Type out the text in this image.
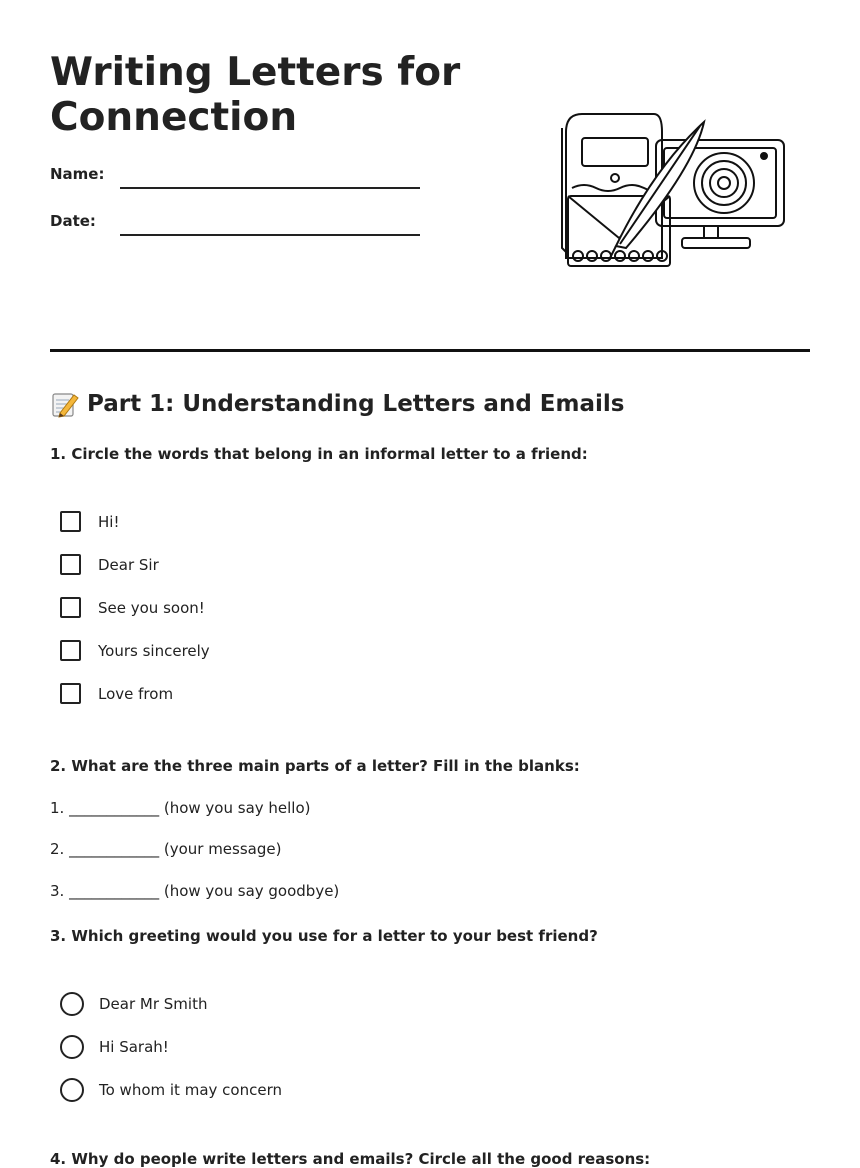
Writing Letters for Connection
Name:
Date:
Part 1: Understanding Letters and Emails

1. Circle the words that belong in an informal letter to a friend:

Hi!
Dear Sir
See you soon!
Yours sincerely
Love from

2. What are the three main parts of a letter? Fill in the blanks:

1. ____________ (how you say hello)
2. ____________ (your message)
3. ____________ (how you say goodbye)

3. Which greeting would you use for a letter to your best friend?

Dear Mr Smith
Hi Sarah!
To whom it may concern

4. Why do people write letters and emails? Circle all the good reasons:
